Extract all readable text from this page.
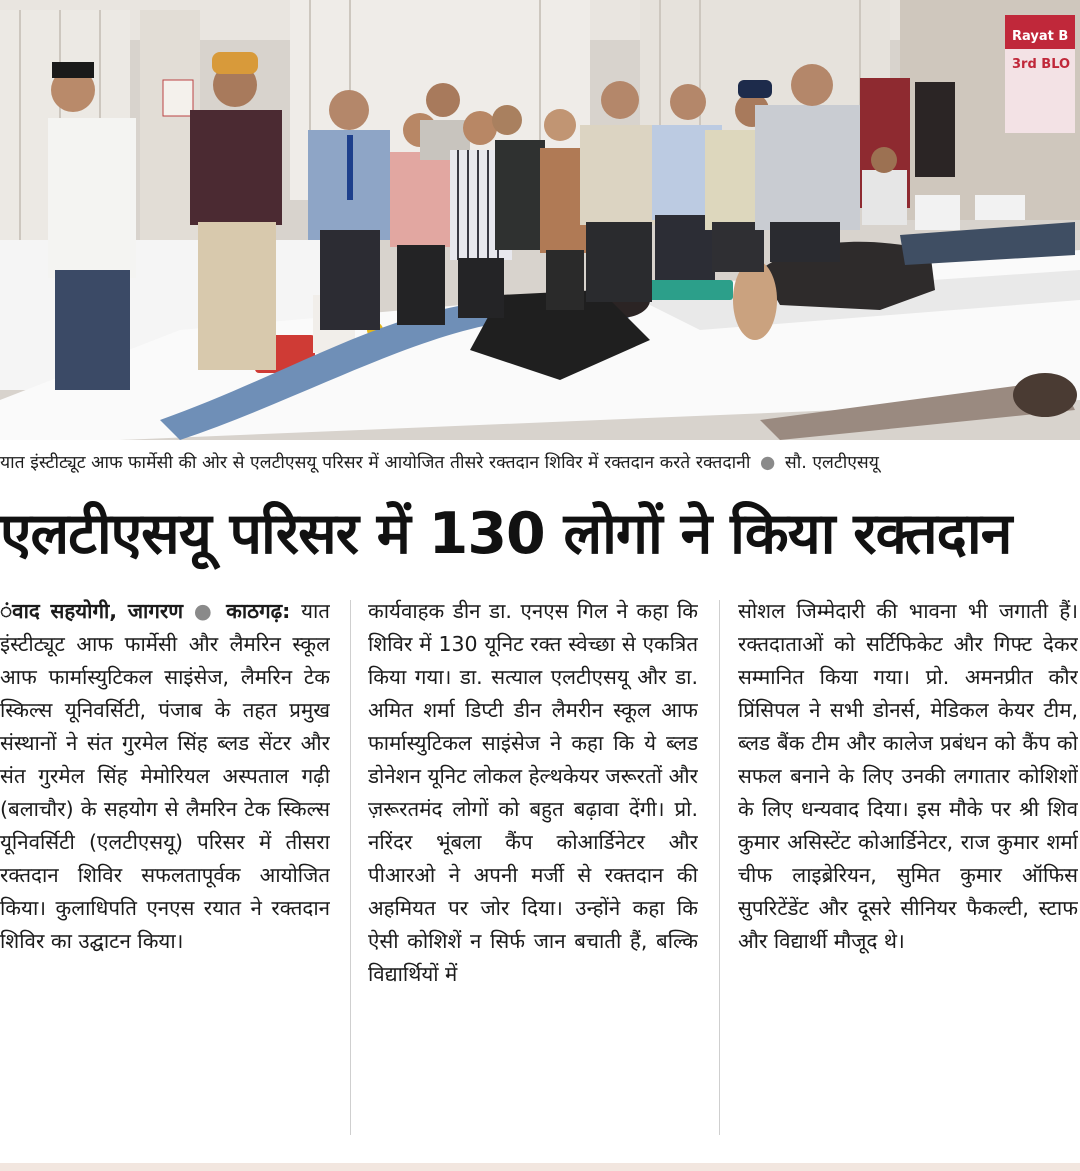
Rayat B
3rd BLO
यात इंस्टीट्यूट आफ फार्मेसी की ओर से एलटीएसयू परिसर में आयोजित तीसरे रक्तदान शिविर में रक्तदान करते रक्तदानी ● सौ. एलटीएसयू
एलटीएसयू परिसर में 130 लोगों ने किया रक्तदान
ंवाद सहयोगी, जागरण ● काठगढ़: यात इंस्टीट्यूट आफ फार्मेसी और लैमरिन स्कूल आफ फार्मास्युटिकल साइंसेज, लैमरिन टेक स्किल्स यूनिवर्सिटी, पंजाब के तहत प्रमुख संस्थानों ने संत गुरमेल सिंह ब्लड सेंटर और संत गुरमेल सिंह मेमोरियल अस्पताल गढ़ी (बलाचौर) के सहयोग से लैमरिन टेक स्किल्स यूनिवर्सिटी (एलटीएसयू) परिसर में तीसरा रक्तदान शिविर सफलतापूर्वक आयोजित किया। कुलाधिपति एनएस रयात ने रक्तदान शिविर का उद्घाटन किया।
कार्यवाहक डीन डा. एनएस गिल ने कहा कि शिविर में 130 यूनिट रक्त स्वेच्छा से एकत्रित किया गया। डा. सत्याल एलटीएसयू और डा. अमित शर्मा डिप्टी डीन लैमरीन स्कूल आफ फार्मास्युटिकल साइंसेज ने कहा कि ये ब्लड डोनेशन यूनिट लोकल हेल्थकेयर जरूरतों और ज़रूरतमंद लोगों को बहुत बढ़ावा देंगी। प्रो. नरिंदर भूंबला कैंप कोआर्डिनेटर और पीआरओ ने अपनी मर्जी से रक्तदान की अहमियत पर जोर दिया। उन्होंने कहा कि ऐसी कोशिशें न सिर्फ जान बचाती हैं, बल्कि विद्यार्थियों में
सोशल जिम्मेदारी की भावना भी जगाती हैं। रक्तदाताओं को सर्टिफिकेट और गिफ्ट देकर सम्मानित किया गया। प्रो. अमनप्रीत कौर प्रिंसिपल ने सभी डोनर्स, मेडिकल केयर टीम, ब्लड बैंक टीम और कालेज प्रबंधन को कैंप को सफल बनाने के लिए उनकी लगातार कोशिशों के लिए धन्यवाद दिया। इस मौके पर श्री शिव कुमार असिस्टेंट कोआर्डिनेटर, राज कुमार शर्मा चीफ लाइब्रेरियन, सुमित कुमार ऑफिस सुपरिटेंडेंट और दूसरे सीनियर फैकल्टी, स्टाफ और विद्यार्थी मौजूद थे।
